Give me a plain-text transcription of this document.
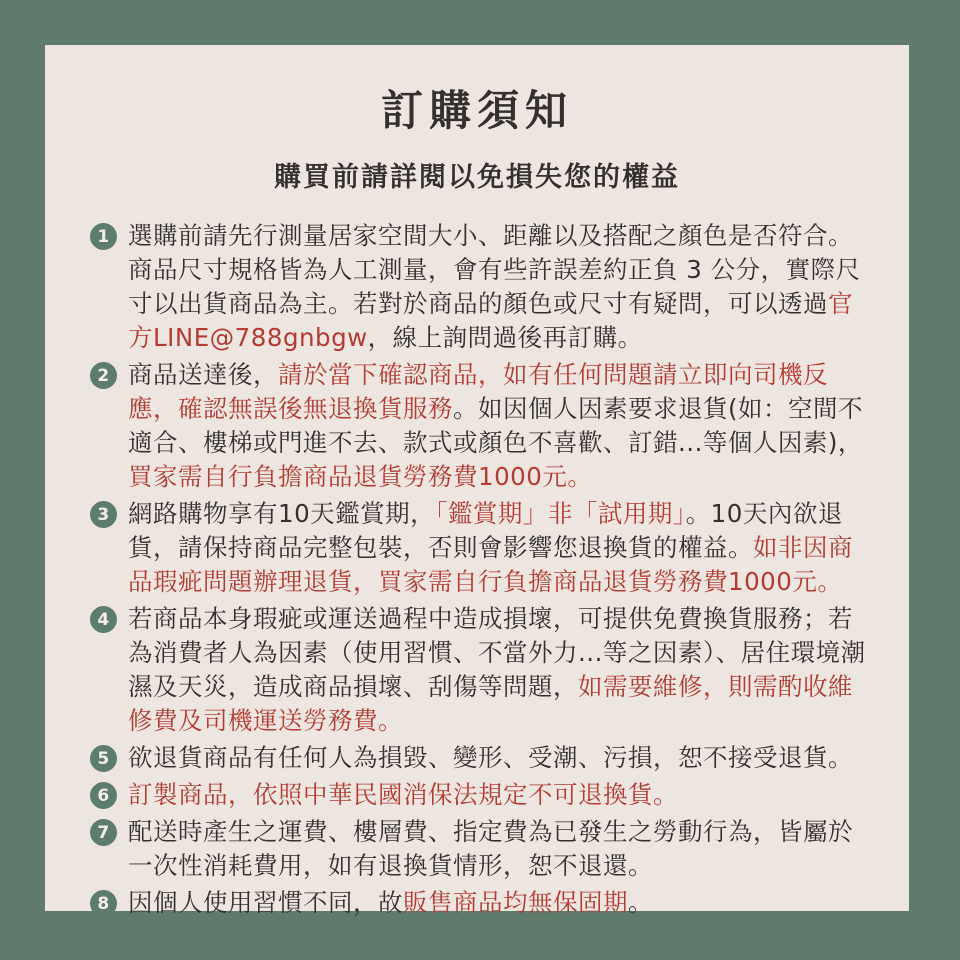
訂購須知
購買前請詳閱以免損失您的權益
1 選購前請先行測量居家空間大小、距離以及搭配之顏色是否符合。商品尺寸規格皆為人工測量，會有些許誤差約正負 3 公分，實際尺寸以出貨商品為主。若對於商品的顏色或尺寸有疑問，可以透過官方LINE@788gnbgw，線上詢問過後再訂購。
2 商品送達後，請於當下確認商品，如有任何問題請立即向司機反應，確認無誤後無退換貨服務。如因個人因素要求退貨(如：空間不適合、樓梯或門進不去、款式或顏色不喜歡、訂錯...等個人因素)，買家需自行負擔商品退貨勞務費1000元。
3 網路購物享有10天鑑賞期，「鑑賞期」非「試用期」。10天內欲退貨，請保持商品完整包裝，否則會影響您退換貨的權益。如非因商品瑕疵問題辦理退貨，買家需自行負擔商品退貨勞務費1000元。
4 若商品本身瑕疵或運送過程中造成損壞，可提供免費換貨服務；若為消費者人為因素（使用習慣、不當外力...等之因素）、居住環境潮濕及天災，造成商品損壞、刮傷等問題，如需要維修，則需酌收維修費及司機運送勞務費。
5 欲退貨商品有任何人為損毀、變形、受潮、污損，恕不接受退貨。
6 訂製商品，依照中華民國消保法規定不可退換貨。
7 配送時產生之運費、樓層費、指定費為已發生之勞動行為，皆屬於一次性消耗費用，如有退換貨情形，恕不退還。
8 因個人使用習慣不同，故販售商品均無保固期。
